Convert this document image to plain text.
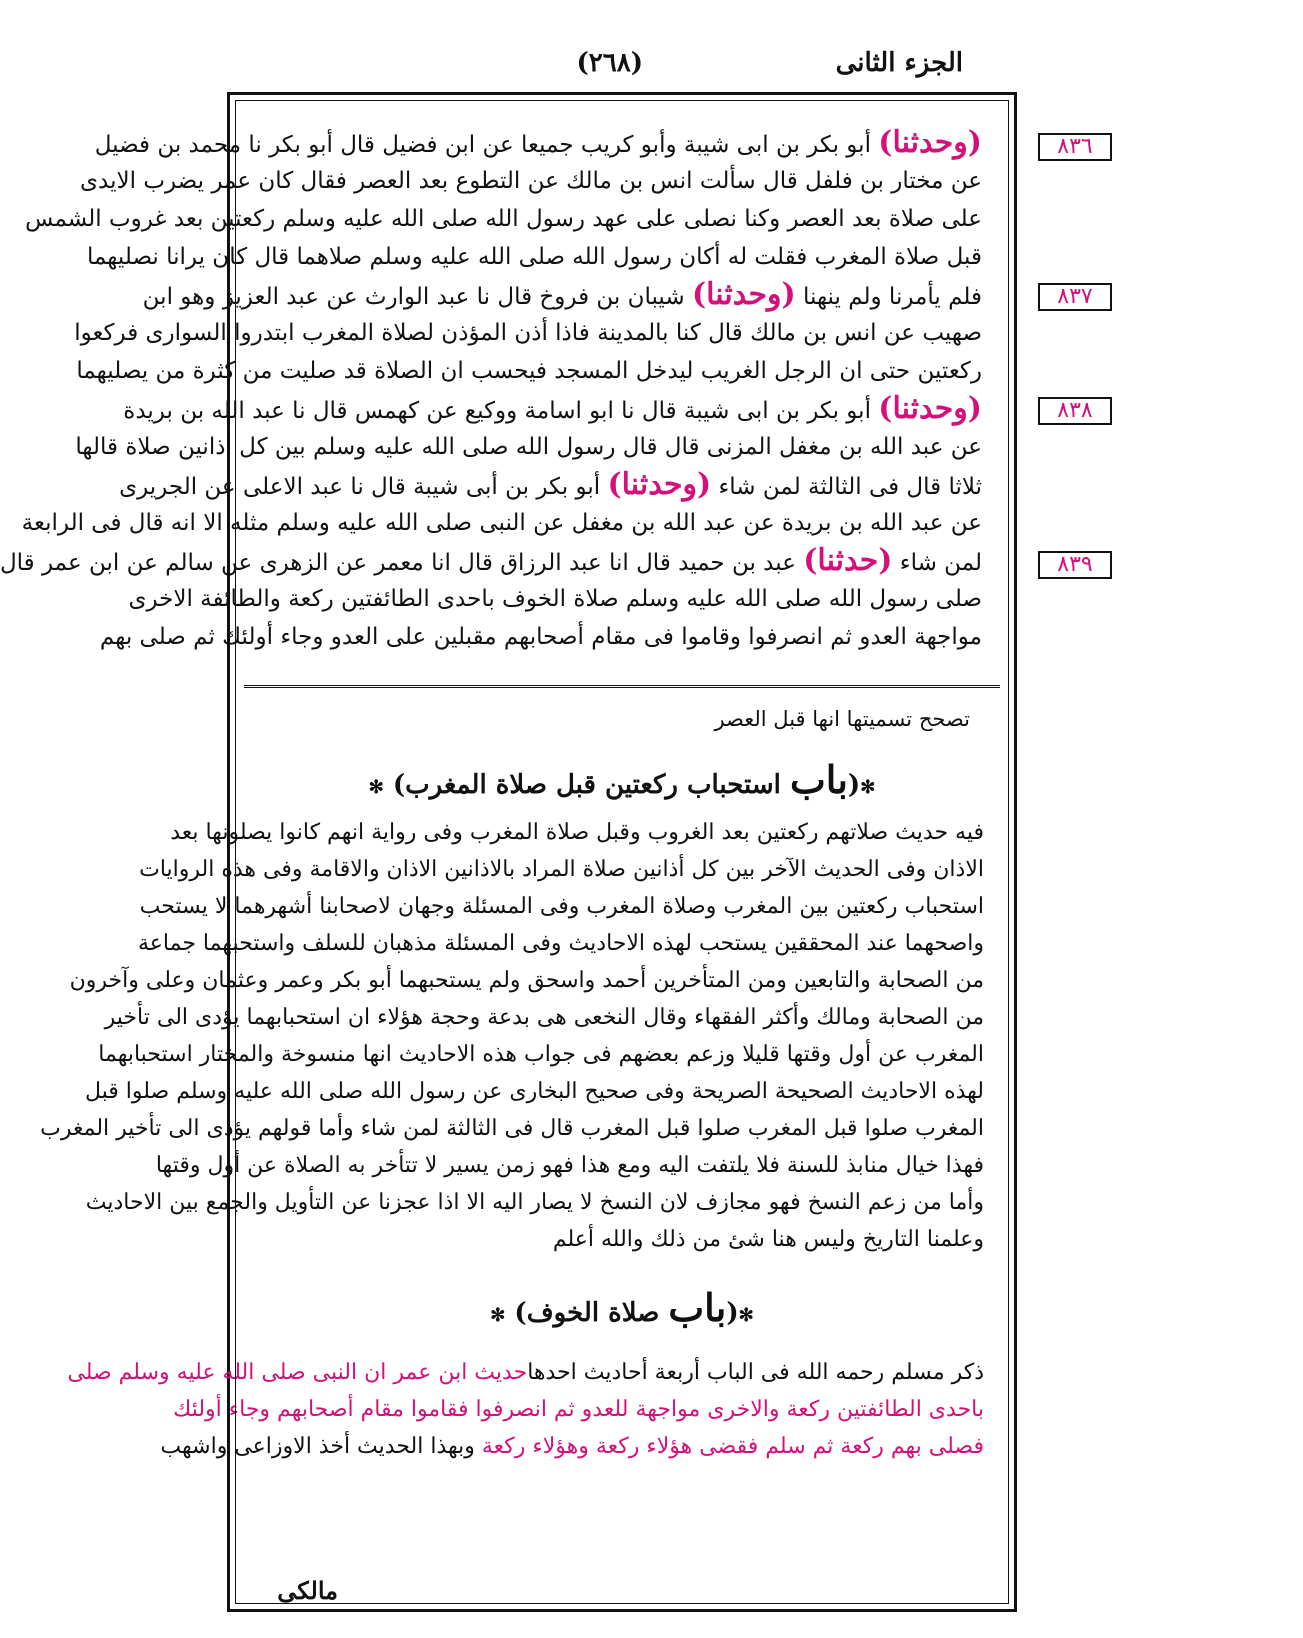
الجزء الثانى
(٢٦٨)
٨٣٦
٨٣٧
٨٣٨
٨٣٩
(وحدثنا) أبو بكر بن ابى شيبة وأبو كريب جميعا عن ابن فضيل قال أبو بكر نا محمد بن فضيل
عن مختار بن فلفل قال سألت انس بن مالك عن التطوع بعد العصر فقال كان عمر يضرب الايدى
على صلاة بعد العصر وكنا نصلى على عهد رسول الله صلى الله عليه وسلم ركعتين بعد غروب الشمس
قبل صلاة المغرب فقلت له أكان رسول الله صلى الله عليه وسلم صلاهما قال كان يرانا نصليهما
فلم يأمرنا ولم ينهنا (وحدثنا) شيبان بن فروخ قال نا عبد الوارث عن عبد العزيز وهو ابن
صهيب عن انس بن مالك قال كنا بالمدينة فاذا أذن المؤذن لصلاة المغرب ابتدروا السوارى فركعوا
ركعتين حتى ان الرجل الغريب ليدخل المسجد فيحسب ان الصلاة قد صليت من كثرة من يصليهما
(وحدثنا) أبو بكر بن ابى شيبة قال نا ابو اسامة ووكيع عن كهمس قال نا عبد الله بن بريدة
عن عبد الله بن مغفل المزنى قال قال رسول الله صلى الله عليه وسلم بين كل اذانين صلاة قالها
ثلاثا قال فى الثالثة لمن شاء (وحدثنا) أبو بكر بن أبى شيبة قال نا عبد الاعلى عن الجريرى
عن عبد الله بن بريدة عن عبد الله بن مغفل عن النبى صلى الله عليه وسلم مثله الا انه قال فى الرابعة
لمن شاء (حدثنا) عبد بن حميد قال انا عبد الرزاق قال انا معمر عن الزهرى عن سالم عن ابن عمر قال
صلى رسول الله صلى الله عليه وسلم صلاة الخوف باحدى الطائفتين ركعة والطائفة الاخرى
مواجهة العدو ثم انصرفوا وقاموا فى مقام أصحابهم مقبلين على العدو وجاء أولئك ثم صلى بهم
تصحح تسميتها انها قبل العصر
✻(باب استحباب ركعتين قبل صلاة المغرب) ✻
فيه حديث صلاتهم ركعتين بعد الغروب وقبل صلاة المغرب وفى رواية انهم كانوا يصلونها بعد
الاذان وفى الحديث الآخر بين كل أذانين صلاة المراد بالاذانين الاذان والاقامة وفى هذه الروايات
استحباب ركعتين بين المغرب وصلاة المغرب وفى المسئلة وجهان لاصحابنا أشهرهما لا يستحب
واصحهما عند المحققين يستحب لهذه الاحاديث وفى المسئلة مذهبان للسلف واستحبهما جماعة
من الصحابة والتابعين ومن المتأخرين أحمد واسحق ولم يستحبهما أبو بكر وعمر وعثمان وعلى وآخرون
من الصحابة ومالك وأكثر الفقهاء وقال النخعى هى بدعة وحجة هؤلاء ان استحبابهما يؤدى الى تأخير
المغرب عن أول وقتها قليلا وزعم بعضهم فى جواب هذه الاحاديث انها منسوخة والمختار استحبابهما
لهذه الاحاديث الصحيحة الصريحة وفى صحيح البخارى عن رسول الله صلى الله عليه وسلم صلوا قبل
المغرب صلوا قبل المغرب صلوا قبل المغرب قال فى الثالثة لمن شاء وأما قولهم يؤدى الى تأخير المغرب
فهذا خيال منابذ للسنة فلا يلتفت اليه ومع هذا فهو زمن يسير لا تتأخر به الصلاة عن أول وقتها
وأما من زعم النسخ فهو مجازف لان النسخ لا يصار اليه الا اذا عجزنا عن التأويل والجمع بين الاحاديث
وعلمنا التاريخ وليس هنا شئ من ذلك والله أعلم
✻(باب صلاة الخوف) ✻
ذكر مسلم رحمه الله فى الباب أربعة أحاديث احدهاحديث ابن عمر ان النبى صلى الله عليه وسلم صلى
باحدى الطائفتين ركعة والاخرى مواجهة للعدو ثم انصرفوا فقاموا مقام أصحابهم وجاء أولئك
فصلى بهم ركعة ثم سلم فقضى هؤلاء ركعة وهؤلاء ركعة وبهذا الحديث أخذ الاوزاعى واشهب
مالكى
